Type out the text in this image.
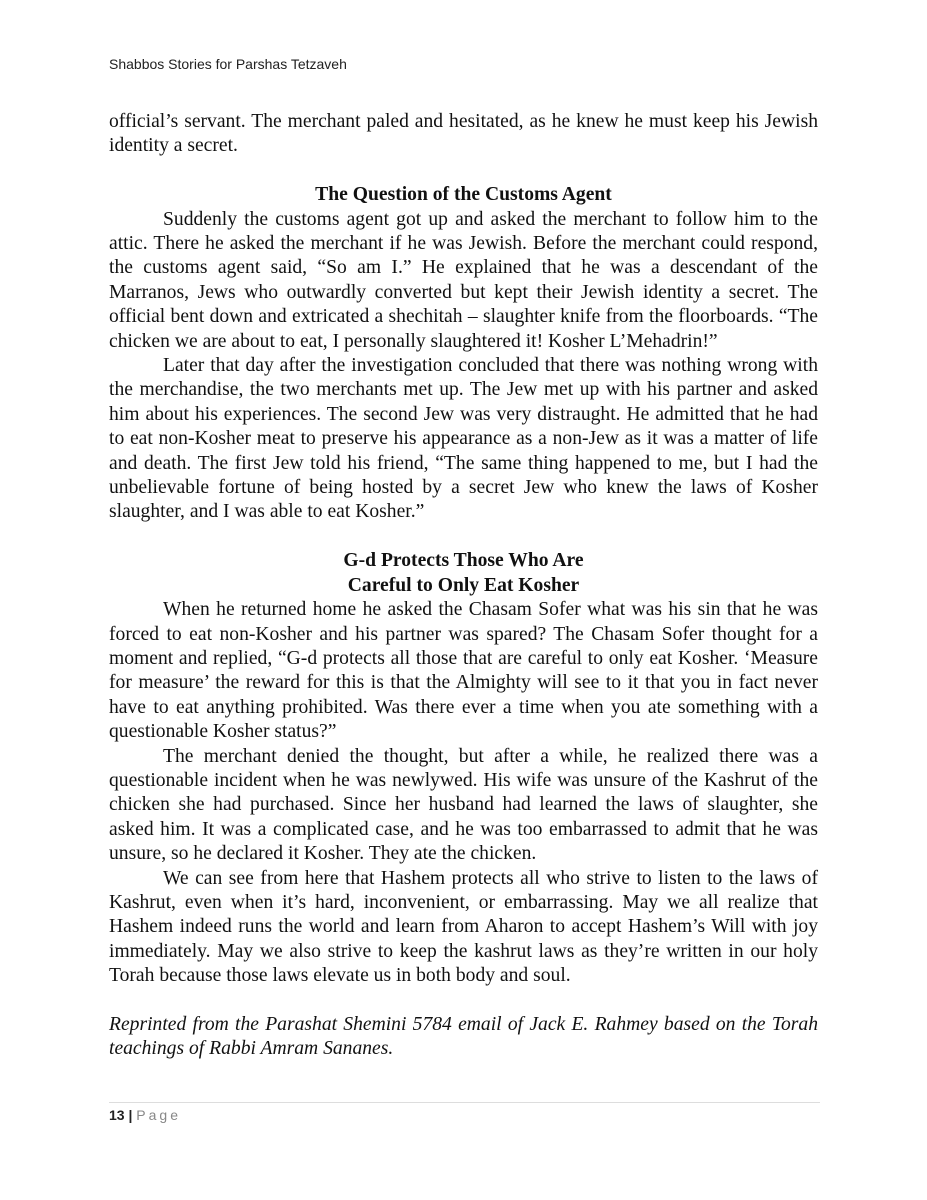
Shabbos Stories for Parshas Tetzaveh

official’s servant. The merchant paled and hesitated, as he knew he must keep his Jewish identity a secret.

The Question of the Customs Agent

Suddenly the customs agent got up and asked the merchant to follow him to the attic. There he asked the merchant if he was Jewish. Before the merchant could respond, the customs agent said, “So am I.” He explained that he was a descendant of the Marranos, Jews who outwardly converted but kept their Jewish identity a secret. The official bent down and extricated a shechitah – slaughter knife from the floorboards. “The chicken we are about to eat, I personally slaughtered it! Kosher L’Mehadrin!”

Later that day after the investigation concluded that there was nothing wrong with the merchandise, the two merchants met up. The Jew met up with his partner and asked him about his experiences. The second Jew was very distraught. He admitted that he had to eat non-Kosher meat to preserve his appearance as a non-Jew as it was a matter of life and death. The first Jew told his friend, “The same thing happened to me, but I had the unbelievable fortune of being hosted by a secret Jew who knew the laws of Kosher slaughter, and I was able to eat Kosher.”

G-d Protects Those Who Are
Careful to Only Eat Kosher

When he returned home he asked the Chasam Sofer what was his sin that he was forced to eat non-Kosher and his partner was spared? The Chasam Sofer thought for a moment and replied, “G-d protects all those that are careful to only eat Kosher. ‘Measure for measure’ the reward for this is that the Almighty will see to it that you in fact never have to eat anything prohibited. Was there ever a time when you ate something with a questionable Kosher status?”

The merchant denied the thought, but after a while, he realized there was a questionable incident when he was newlywed. His wife was unsure of the Kashrut of the chicken she had purchased. Since her husband had learned the laws of slaughter, she asked him. It was a complicated case, and he was too embarrassed to admit that he was unsure, so he declared it Kosher. They ate the chicken.

We can see from here that Hashem protects all who strive to listen to the laws of Kashrut, even when it’s hard, inconvenient, or embarrassing. May we all realize that Hashem indeed runs the world and learn from Aharon to accept Hashem’s Will with joy immediately. May we also strive to keep the kashrut laws as they’re written in our holy Torah because those laws elevate us in both body and soul.

Reprinted from the Parashat Shemini 5784 email of Jack E. Rahmey based on the Torah teachings of Rabbi Amram Sananes.

13 | Page
